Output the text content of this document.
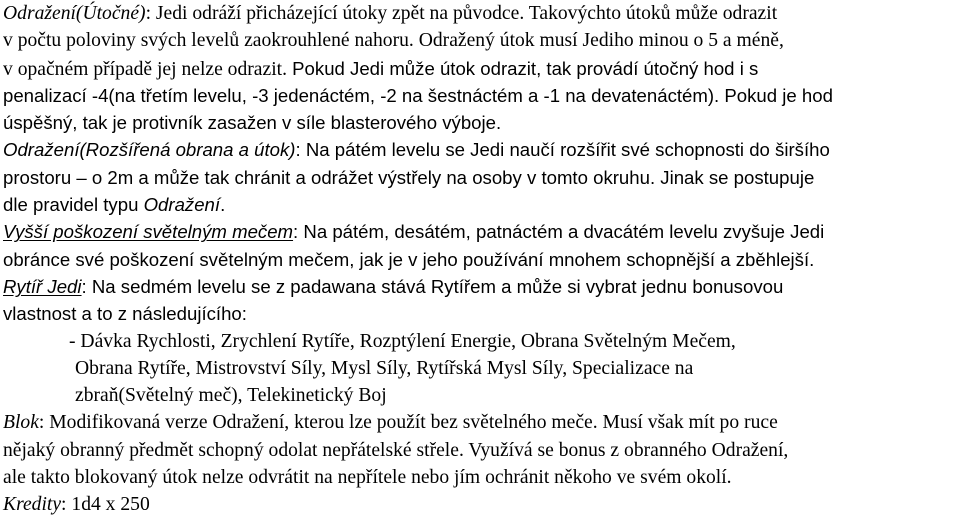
Odražení(Útočné): Jedi odráží přicházející útoky zpět na původce. Takovýchto útoků může odrazit
v počtu poloviny svých levelů zaokrouhlené nahoru. Odražený útok musí Jediho minou o 5 a méně,
v opačném případě jej nelze odrazit. Pokud Jedi může útok odrazit, tak provádí útočný hod i s
penalizací -4(na třetím levelu, -3 jedenáctém, -2 na šestnáctém a -1 na devatenáctém). Pokud je hod
úspěšný, tak je protivník zasažen v síle blasterového výboje.
Odražení(Rozšířená obrana a útok): Na pátém levelu se Jedi naučí rozšířit své schopnosti do širšího
prostoru – o 2m a může tak chránit a odrážet výstřely na osoby v tomto okruhu. Jinak se postupuje
dle pravidel typu Odražení.
Vyšší poškození světelným mečem: Na pátém, desátém, patnáctém a dvacátém levelu zvyšuje Jedi
obránce své poškození světelným mečem, jak je v jeho používání mnohem schopnější a zběhlejší.
Rytíř Jedi: Na sedmém levelu se z padawana stává Rytířem a může si vybrat jednu bonusovou
vlastnost a to z následujícího:
- Dávka Rychlosti, Zrychlení Rytíře, Rozptýlení Energie, Obrana Světelným Mečem,
Obrana Rytíře, Mistrovství Síly, Mysl Síly, Rytířská Mysl Síly, Specializace na
zbraň(Světelný meč), Telekinetický Boj
Blok: Modifikovaná verze Odražení, kterou lze použít bez světelného meče. Musí však mít po ruce
nějaký obranný předmět schopný odolat nepřátelské střele. Využívá se bonus z obranného Odražení,
ale takto blokovaný útok nelze odvrátit na nepřítele nebo jím ochránit někoho ve svém okolí.
Kredity: 1d4 x 250
